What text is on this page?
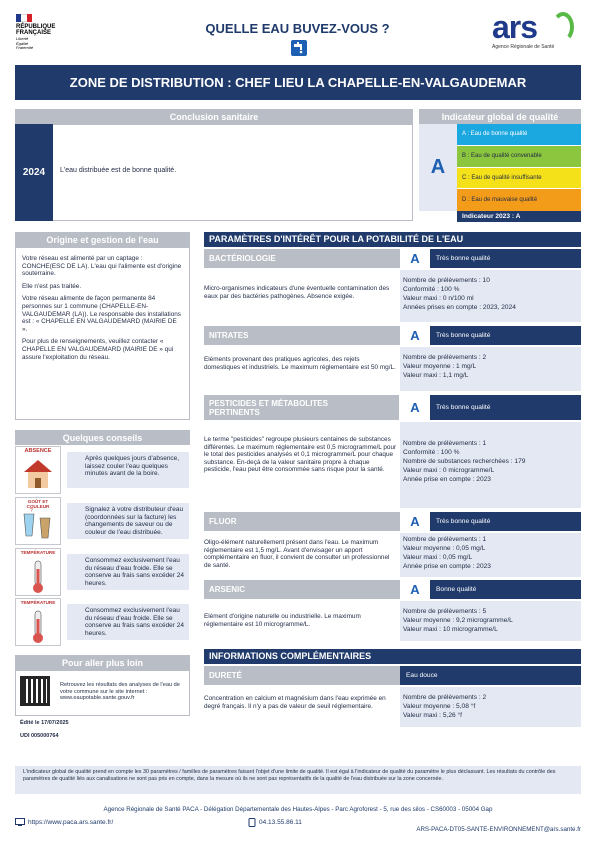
RÉPUBLIQUE
FRANÇAISE
Liberté
Égalité
Fraternité
QUELLE EAU BUVEZ-VOUS ?	ars
Agence Régionale de Santé
ZONE DE DISTRIBUTION : CHEF LIEU LA CHAPELLE-EN-VALGAUDEMAR
Conclusion sanitaire
2024	L'eau distribuée est de bonne qualité.
Indicateur global de qualité
A
A : Eau de bonne qualité
B : Eau de qualité convenable
C : Eau de qualité insuffisante
D : Eau de mauvaise qualité
Indicateur 2023 : A
Origine et gestion de l'eau

Votre réseau est alimenté par un captage : CONCHE(ESC DE LA). L'eau qui l'alimente est d'origine souterraine.

Elle n'est pas traitée.

Votre réseau alimente de façon permanente 84 personnes sur 1 commune (CHAPELLE-EN-VALGAUDEMAR (LA)). Le responsable des installations est : « CHAPELLE EN VALGAUDEMARD (MAIRIE DE ».

Pour plus de renseignements, veuillez contacter « CHAPELLE EN VALGAUDEMARD (MAIRIE DE » qui assure l'exploitation du réseau.

Quelques conseils
ABSENCE
Après quelques jours d'absence, laissez couler l'eau quelques minutes avant de la boire.
GOÛT ET COULEUR
?	Signalez à votre distributeur d'eau (coordonnées sur la facture) les changements de saveur ou de couleur de l'eau distribuée.
TEMPÉRATURE
Consommez exclusivement l'eau du réseau d'eau froide. Elle se conserve au frais sans excéder 24 heures.
TEMPÉRATURE
Consommez exclusivement l'eau du réseau d'eau froide. Elle se conserve au frais sans excéder 24 heures.
Pour aller plus loin
Retrouvez les résultats des analyses de l'eau de votre commune sur le site internet : www.eaupotable.sante.gouv.fr
Édité le 17/07/2025
UDI 005000764
PARAMÈTRES D'INTÉRÊT POUR LA POTABILITÉ DE L'EAU
BACTÉRIOLOGIE	A	Très bonne qualité
Micro-organismes indicateurs d'une éventuelle contamination des eaux par des bactéries pathogènes. Absence exigée.
Nombre de prélèvements : 10
Conformité : 100 %
Valeur maxi : 0 n/100 ml
Années prises en compte : 2023, 2024
NITRATES	A	Très bonne qualité
Eléments provenant des pratiques agricoles, des rejets domestiques et industriels. Le maximum réglementaire est 50 mg/L.
Nombre de prélèvements : 2
Valeur moyenne : 1 mg/L
Valeur maxi : 1,1 mg/L
PESTICIDES ET MÉTABOLITES PERTINENTS	A	Très bonne qualité
Le terme "pesticides" regroupe plusieurs centaines de substances différentes. Le maximum réglementaire est 0,5 microgramme/L pour le total des pesticides analysés et 0,1 microgramme/L pour chaque substance. En-deçà de la valeur sanitaire propre à chaque pesticide, l'eau peut être consommée sans risque pour la santé.
Nombre de prélèvements : 1
Conformité : 100 %
Nombre de substances recherchées : 179
Valeur maxi : 0 microgramme/L
Année prise en compte : 2023
FLUOR	A	Très bonne qualité
Oligo-élément naturellement présent dans l'eau. Le maximum réglementaire est 1,5 mg/L. Avant d'envisager un apport complémentaire en fluor, il convient de consulter un professionnel de santé.
Nombre de prélèvements : 1
Valeur moyenne : 0,05 mg/L
Valeur maxi : 0,05 mg/L
Année prise en compte : 2023
ARSENIC	A	Bonne qualité
Elément d'origine naturelle ou industrielle. Le maximum réglementaire est 10 microgramme/L.
Nombre de prélèvements : 5
Valeur moyenne : 9,2 microgramme/L
Valeur maxi : 10 microgramme/L
INFORMATIONS COMPLÉMENTAIRES
DURETÉ	Eau douce
Concentration en calcium et magnésium dans l'eau exprimée en degré français. Il n'y a pas de valeur de seuil réglementaire.
Nombre de prélèvements : 2
Valeur moyenne : 5,08 °f
Valeur maxi : 5,26 °f
L'indicateur global de qualité prend en compte les 30 paramètres / familles de paramètres faisant l'objet d'une limite de qualité. Il est égal à l'indicateur de qualité du paramètre le plus déclassant. Les résultats du contrôle des paramètres de qualité liés aux canalisations ne sont pas pris en compte, dans la mesure où ils ne sont pas représentatifs de la qualité de l'eau distribuée sur la zone concernée.
Agence Régionale de Santé PACA - Délégation Départementale des Hautes-Alpes - Parc Agroforest - 5, rue des silos - CS60003 - 05004 Gap
https://www.paca.ars.sante.fr/	04.13.55.86.11
ARS-PACA-DT05-SANTE-ENVIRONNEMENT@ars.sante.fr
